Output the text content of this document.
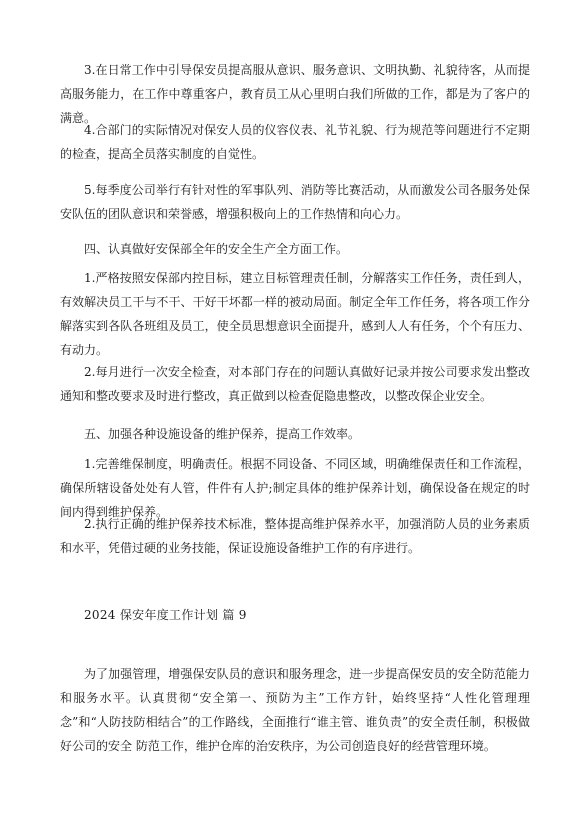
3.在日常工作中引导保安员提高服从意识、服务意识、文明执勤、礼貌待客，从而提高服务能力，在工作中尊重客户，教育员工从心里明白我们所做的工作，都是为了客户的满意。

4.合部门的实际情况对保安人员的仪容仪表、礼节礼貌、行为规范等问题进行不定期的检查，提高全员落实制度的自觉性。

5.每季度公司举行有针对性的军事队列、消防等比赛活动，从而激发公司各服务处保安队伍的团队意识和荣誉感，增强积极向上的工作热情和向心力。

四、认真做好安保部全年的安全生产全方面工作。

1.严格按照安保部内控目标，建立目标管理责任制，分解落实工作任务，责任到人，有效解决员工干与不干、干好干坏都一样的被动局面。制定全年工作任务，将各项工作分解落实到各队各班组及员工，使全员思想意识全面提升，感到人人有任务，个个有压力、有动力。

2.每月进行一次安全检查，对本部门存在的问题认真做好记录并按公司要求发出整改通知和整改要求及时进行整改，真正做到以检查促隐患整改，以整改保企业安全。

五、加强各种设施设备的维护保养，提高工作效率。

1.完善维保制度，明确责任。根据不同设备、不同区域，明确维保责任和工作流程，确保所辖设备处处有人管，件件有人护;制定具体的维护保养计划，确保设备在规定的时间内得到维护保养。

2.执行正确的维护保养技术标准，整体提高维护保养水平，加强消防人员的业务素质和水平，凭借过硬的业务技能，保证设施设备维护工作的有序进行。

2024 保安年度工作计划 篇 9

为了加强管理，增强保安队员的意识和服务理念，进一步提高保安员的安全防范能力和服务水平。认真贯彻“安全第一、预防为主”工作方针，始终坚持“人性化管理理念”和“人防技防相结合”的工作路线，全面推行“谁主管、谁负责”的安全责任制，积极做好公司的安全 防范工作，维护仓库的治安秩序，为公司创造良好的经营管理环境。
